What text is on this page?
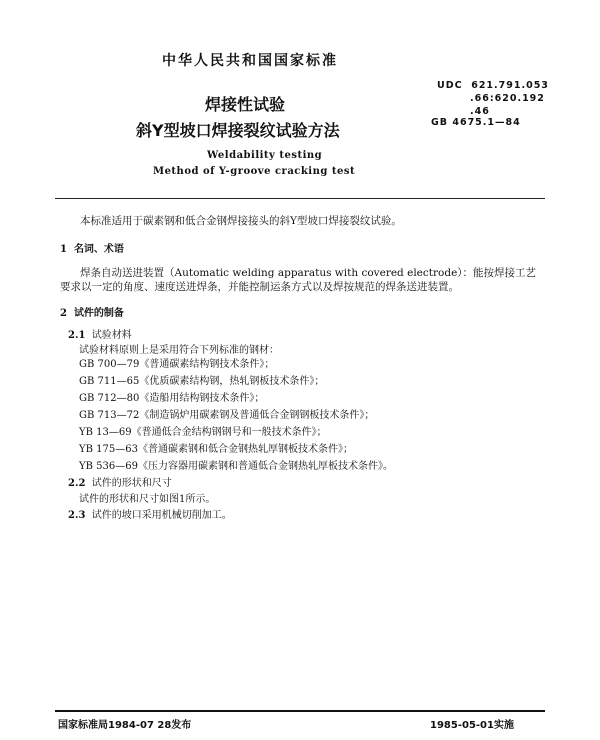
中华人民共和国国家标准
UDC 621.791.053
.66:620.192
.46
GB 4675.1—84
焊接性试验
斜Y型坡口焊接裂纹试验方法
Weldability testing
Method of Y-groove cracking test
本标准适用于碳素钢和低合金钢焊接接头的斜Y型坡口焊接裂纹试验。
1 名词、术语
焊条自动送进装置（Automatic welding apparatus with covered electrode）：能按焊接工艺
要求以一定的角度、速度送进焊条，并能控制运条方式以及焊按规范的焊条送进装置。
2 试件的制备
2.1 试验材料
试验材料原则上是采用符合下列标准的钢材：
GB 700—79《普通碳素结构钢技术条件》；
GB 711—65《优质碳素结构钢，热轧钢板技术条件》；
GB 712—80《造船用结构钢技术条件》；
GB 713—72《制造锅炉用碳素钢及普通低合金钢钢板技术条件》；
YB 13—69《普通低合金结构钢钢号和一般技术条件》；
YB 175—63《普通碳素钢和低合金钢热轧厚钢板技术条件》；
YB 536—69《压力容器用碳素钢和普通低合金钢热轧厚板技术条件》。
2.2 试件的形状和尺寸
试件的形状和尺寸如图1所示。
2.3 试件的坡口采用机械切削加工。
国家标准局1984-07 28发布	1985-05-01实施
